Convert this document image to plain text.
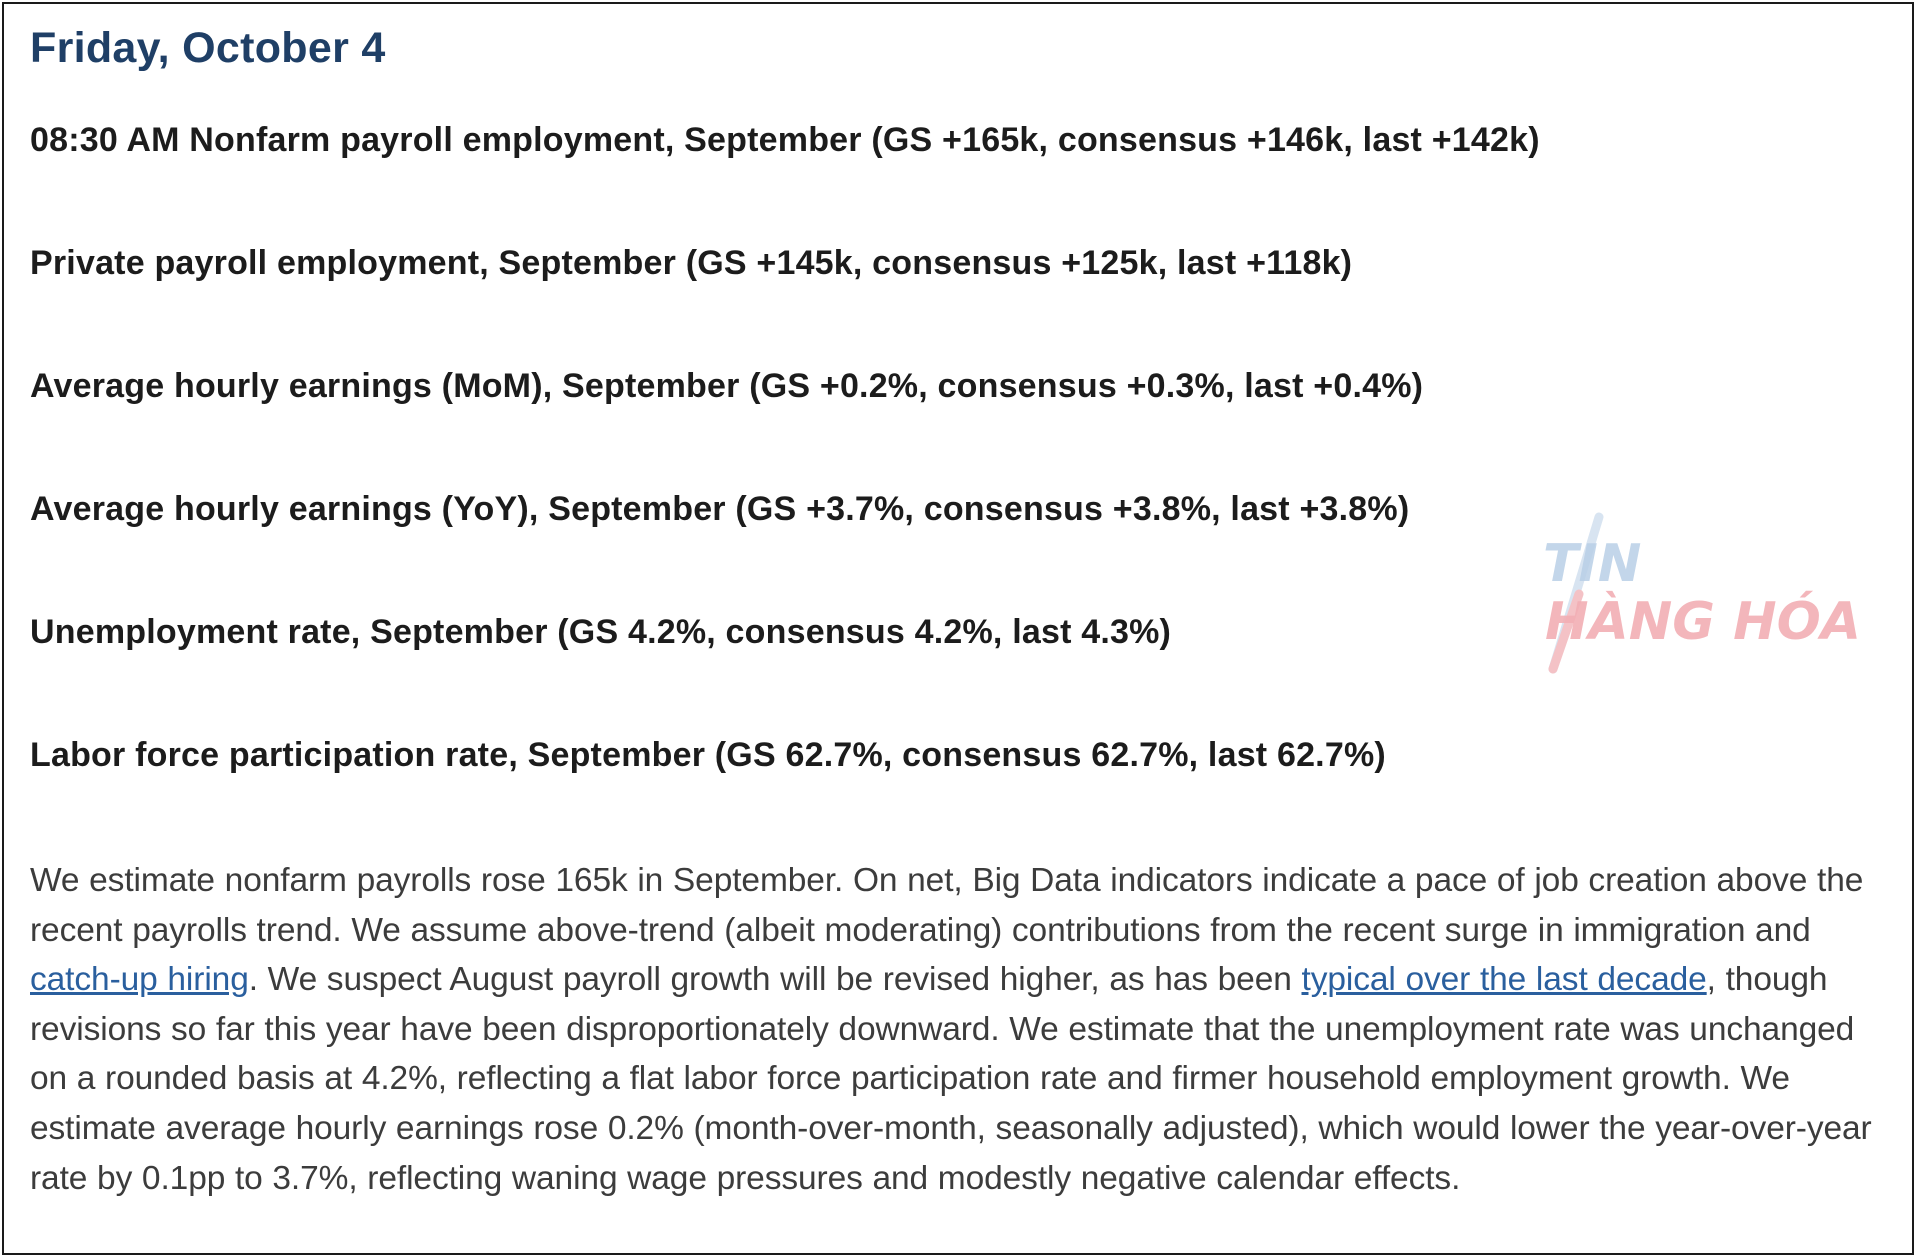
Friday, October 4

08:30 AM Nonfarm payroll employment, September (GS +165k, consensus +146k, last +142k)

Private payroll employment, September (GS +145k, consensus +125k, last +118k)

Average hourly earnings (MoM), September (GS +0.2%, consensus +0.3%, last +0.4%)

Average hourly earnings (YoY), September (GS +3.7%, consensus +3.8%, last +3.8%)

Unemployment rate, September (GS 4.2%, consensus 4.2%, last 4.3%)

Labor force participation rate, September (GS 62.7%, consensus 62.7%, last 62.7%)

We estimate nonfarm payrolls rose 165k in September. On net, Big Data indicators indicate a pace of job creation above the recent payrolls trend. We assume above-trend (albeit moderating) contributions from the recent surge in immigration and catch-up hiring. We suspect August payroll growth will be revised higher, as has been typical over the last decade, though revisions so far this year have been disproportionately downward. We estimate that the unemployment rate was unchanged on a rounded basis at 4.2%, reflecting a flat labor force participation rate and firmer household employment growth. We estimate average hourly earnings rose 0.2% (month-over-month, seasonally adjusted), which would lower the year-over-year rate by 0.1pp to 3.7%, reflecting waning wage pressures and modestly negative calendar effects.

TIN
HÀNG HÓA
